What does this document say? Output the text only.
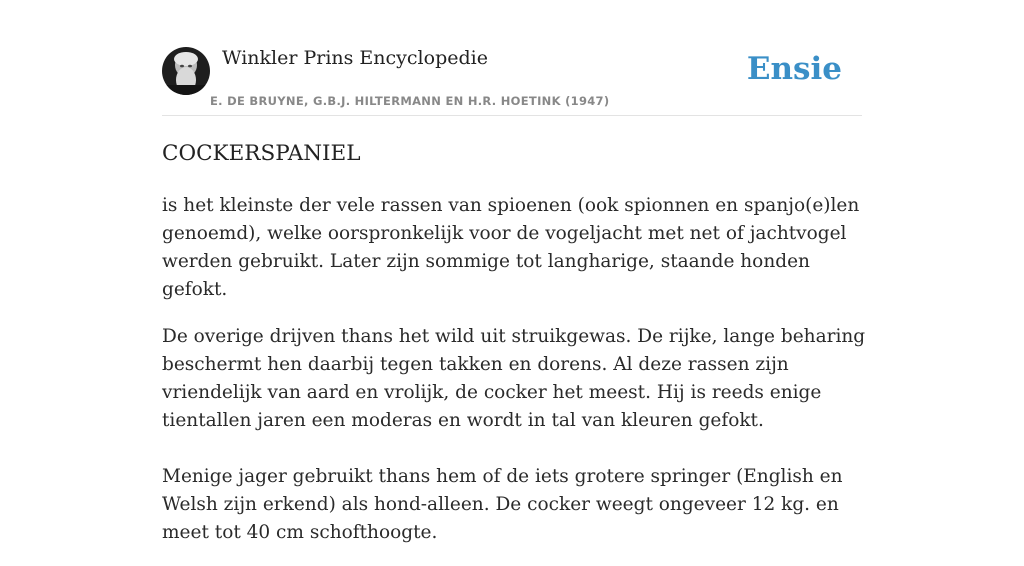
Winkler Prins Encyclopedie
E. DE BRUYNE, G.B.J. HILTERMANN EN H.R. HOETINK (1947)
Ensie
COCKERSPANIEL

is het kleinste der vele rassen van spioenen (ook spionnen en spanjo(e)len genoemd), welke oorspronkelijk voor de vogeljacht met net of jachtvogel werden gebruikt. Later zijn sommige tot langharige, staande honden gefokt.

De overige drijven thans het wild uit struikgewas. De rijke, lange beharing beschermt hen daarbij tegen takken en dorens. Al deze rassen zijn vriendelijk van aard en vrolijk, de cocker het meest. Hij is reeds enige tientallen jaren een moderas en wordt in tal van kleuren gefokt.

Menige jager gebruikt thans hem of de iets grotere springer (English en Welsh zijn erkend) als hond-alleen. De cocker weegt ongeveer 12 kg. en meet tot 40 cm schofthoogte.
